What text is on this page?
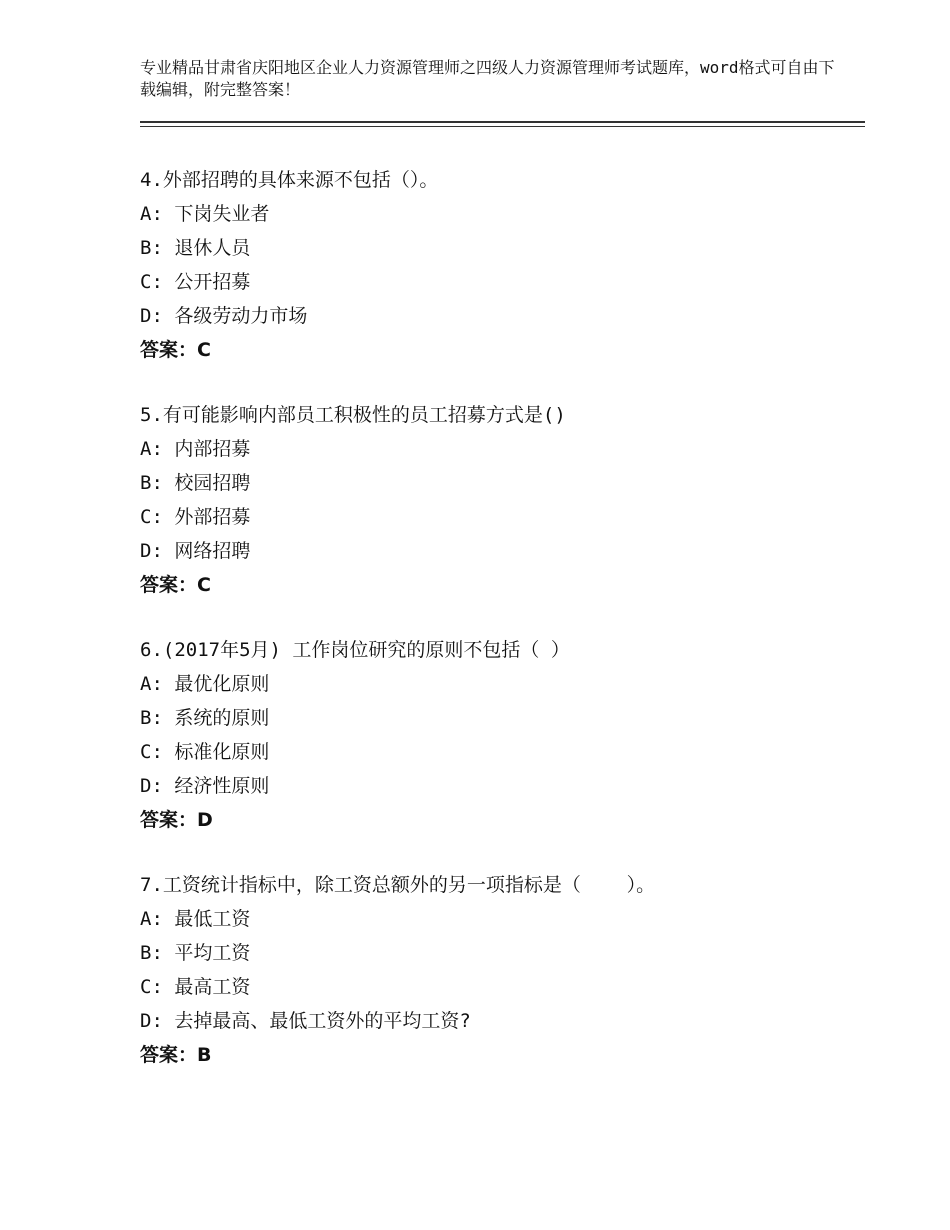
专业精品甘肃省庆阳地区企业人力资源管理师之四级人力资源管理师考试题库，word格式可自由下载编辑，附完整答案！
4.外部招聘的具体来源不包括（）。
A: 下岗失业者
B: 退休人员
C: 公开招募
D: 各级劳动力市场
答案：C
5.有可能影响内部员工积极性的员工招募方式是()
A: 内部招募
B: 校园招聘
C: 外部招募
D: 网络招聘
答案：C
6.(2017年5月) 工作岗位研究的原则不包括（ ）
A: 最优化原则
B: 系统的原则
C: 标准化原则
D: 经济性原则
答案：D
7.工资统计指标中，除工资总额外的另一项指标是（    ）。
A: 最低工资
B: 平均工资
C: 最高工资
D: 去掉最高、最低工资外的平均工资?
答案：B
